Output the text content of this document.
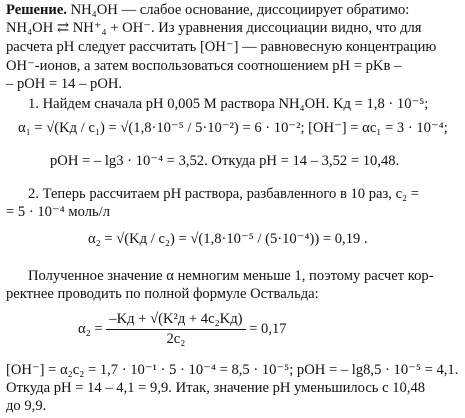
Решение. NH₄OH — слабое основание, диссоциирует обратимо:
NH₄OH ⇄ NH⁺₄ + OH⁻. Из уравнения диссоциации видно, что для
расчета pH следует рассчитать [OH⁻] — равновесную концентрацию
OH⁻-ионов, а затем воспользоваться соотношением pH = pKв –
– pOH = 14 – pOH.
1. Найдем сначала pH 0,005 M раствора NH₄OH. Kд = 1,8 · 10⁻⁵;
α₁ = √(Kд / c₁) = √(1,8·10⁻⁵ / 5·10⁻²) = 6 · 10⁻²; [OH⁻] = αc₁ = 3 · 10⁻⁴;
pOH = – lg3 · 10⁻⁴ = 3,52. Откуда pH = 14 – 3,52 = 10,48.
2. Теперь рассчитаем pH раствора, разбавленного в 10 раз, c₂ =
= 5 · 10⁻⁴ моль/л
α₂ = √(Kд / c₂) = √(1,8·10⁻⁵ / (5·10⁻⁴)) = 0,19 .
Полученное значение α немногим меньше 1, поэтому расчет кор-
ректнее проводить по полной формуле Оствальда:
$\alpha_2 = \frac{\text{–Kд + √(K²д + 4c₂Kд)}}{\text{2c₂}} = 0,17$
[OH⁻] = α₂c₂ = 1,7 · 10⁻¹ · 5 · 10⁻⁴ = 8,5 · 10⁻⁵; pOH = – lg8,5 · 10⁻⁵ = 4,1.
Откуда pH = 14 – 4,1 = 9,9. Итак, значение pH уменьшилось с 10,48
до 9,9.
